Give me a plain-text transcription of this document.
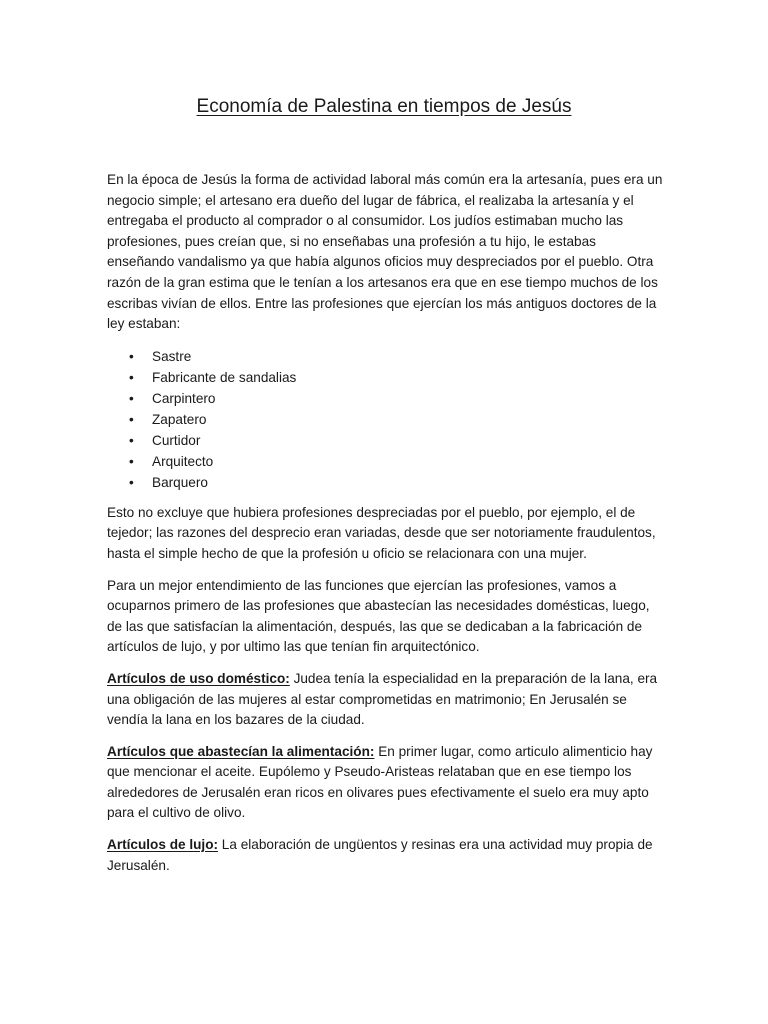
Economía de Palestina en tiempos de Jesús

En la época de Jesús la forma de actividad laboral más común era la artesanía, pues era un negocio simple; el artesano era dueño del lugar de fábrica, el realizaba la artesanía y el entregaba el producto al comprador o al consumidor. Los judíos estimaban mucho las profesiones, pues creían que, si no enseñabas una profesión a tu hijo, le estabas enseñando vandalismo ya que había algunos oficios muy despreciados por el pueblo. Otra razón de la gran estima que le tenían a los artesanos era que en ese tiempo muchos de los escribas vivían de ellos. Entre las profesiones que ejercían los más antiguos doctores de la ley estaban:

• Sastre
• Fabricante de sandalias
• Carpintero
• Zapatero
• Curtidor
• Arquitecto
• Barquero

Esto no excluye que hubiera profesiones despreciadas por el pueblo, por ejemplo, el de tejedor; las razones del desprecio eran variadas, desde que ser notoriamente fraudulentos, hasta el simple hecho de que la profesión u oficio se relacionara con una mujer.

Para un mejor entendimiento de las funciones que ejercían las profesiones, vamos a ocuparnos primero de las profesiones que abastecían las necesidades domésticas, luego, de las que satisfacían la alimentación, después, las que se dedicaban a la fabricación de artículos de lujo, y por ultimo las que tenían fin arquitectónico.

Artículos de uso doméstico: Judea tenía la especialidad en la preparación de la lana, era una obligación de las mujeres al estar comprometidas en matrimonio; En Jerusalén se vendía la lana en los bazares de la ciudad.

Artículos que abastecían la alimentación: En primer lugar, como articulo alimenticio hay que mencionar el aceite. Eupólemo y Pseudo-Aristeas relataban que en ese tiempo los alrededores de Jerusalén eran ricos en olivares pues efectivamente el suelo era muy apto para el cultivo de olivo.

Artículos de lujo: La elaboración de ungüentos y resinas era una actividad muy propia de Jerusalén.
